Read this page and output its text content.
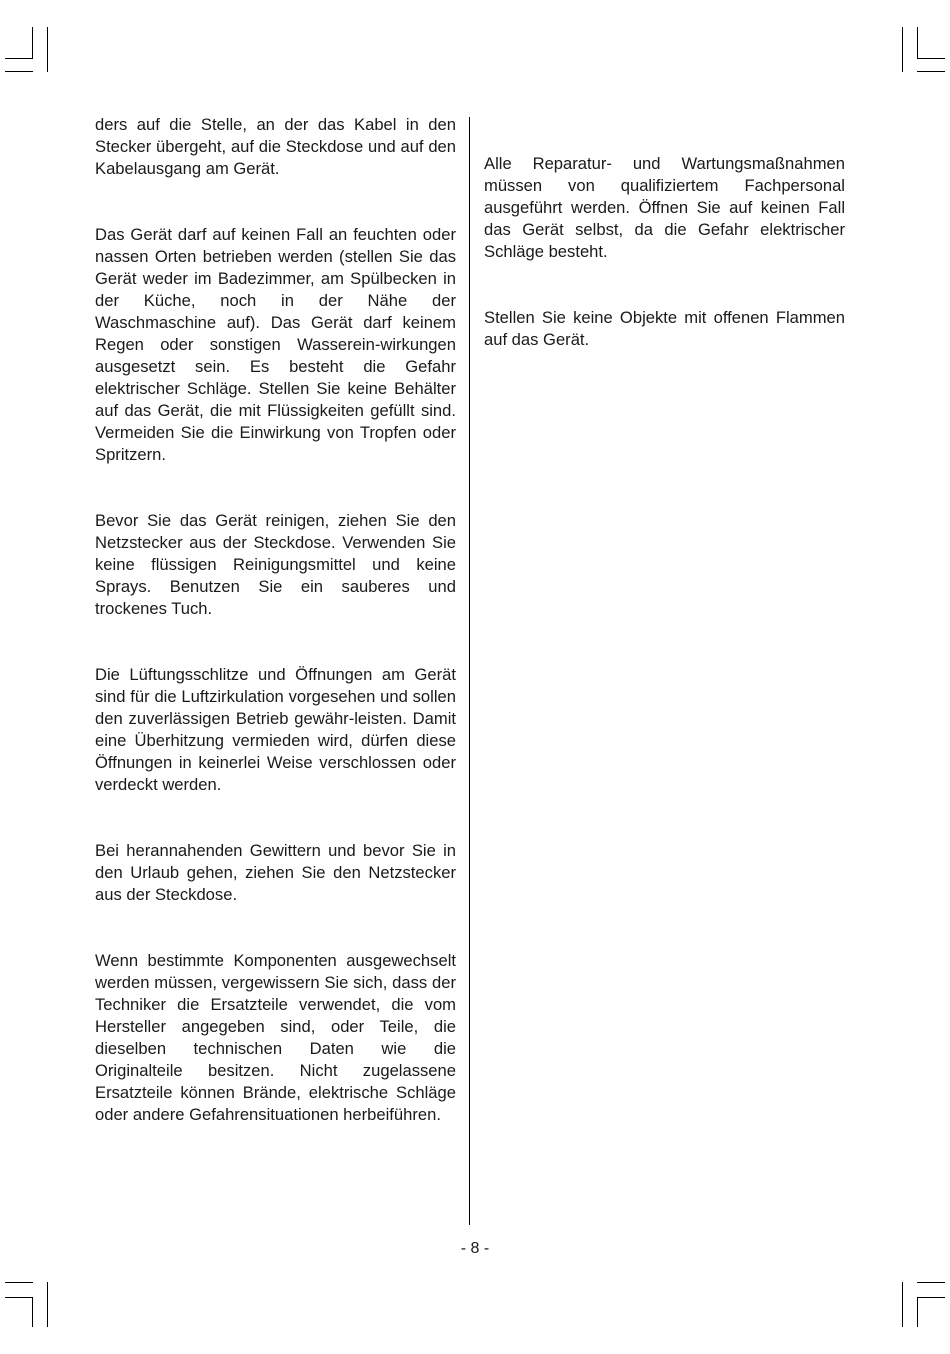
ders auf die Stelle, an der das Kabel in den Stecker übergeht, auf die Steckdose und auf den Kabelausgang am Gerät.

Das Gerät darf auf keinen Fall an feuchten oder nassen Orten betrieben werden (stellen Sie das Gerät weder im Badezimmer, am Spülbecken in der Küche, noch in der Nähe der Waschmaschine auf). Das Gerät darf keinem Regen oder sonstigen Wasserein-wirkungen ausgesetzt sein. Es besteht die Gefahr elektrischer Schläge. Stellen Sie keine Behälter auf das Gerät, die mit Flüssigkeiten gefüllt sind. Vermeiden Sie die Einwirkung von Tropfen oder Spritzern.

Bevor Sie das Gerät reinigen, ziehen Sie den Netzstecker aus der Steckdose. Verwenden Sie keine flüssigen Reinigungsmittel und keine Sprays. Benutzen Sie ein sauberes und trockenes Tuch.

Die Lüftungsschlitze und Öffnungen am Gerät sind für die Luftzirkulation vorgesehen und sollen den zuverlässigen Betrieb gewähr-leisten. Damit eine Überhitzung vermieden wird, dürfen diese Öffnungen in keinerlei Weise verschlossen oder verdeckt werden.

Bei herannahenden Gewittern und bevor Sie in den Urlaub gehen, ziehen Sie den Netzstecker aus der Steckdose.

Wenn bestimmte Komponenten ausgewechselt werden müssen, vergewissern Sie sich, dass der Techniker die Ersatzteile verwendet, die vom Hersteller angegeben sind, oder Teile, die dieselben technischen Daten wie die Originalteile besitzen. Nicht zugelassene Ersatzteile können Brände, elektrische Schläge oder andere Gefahrensituationen herbeiführen.

Alle Reparatur- und Wartungsmaßnahmen müssen von qualifiziertem Fachpersonal ausgeführt werden. Öffnen Sie auf keinen Fall das Gerät selbst, da die Gefahr elektrischer Schläge besteht.

Stellen Sie keine Objekte mit offenen Flammen auf das Gerät.

- 8 -
